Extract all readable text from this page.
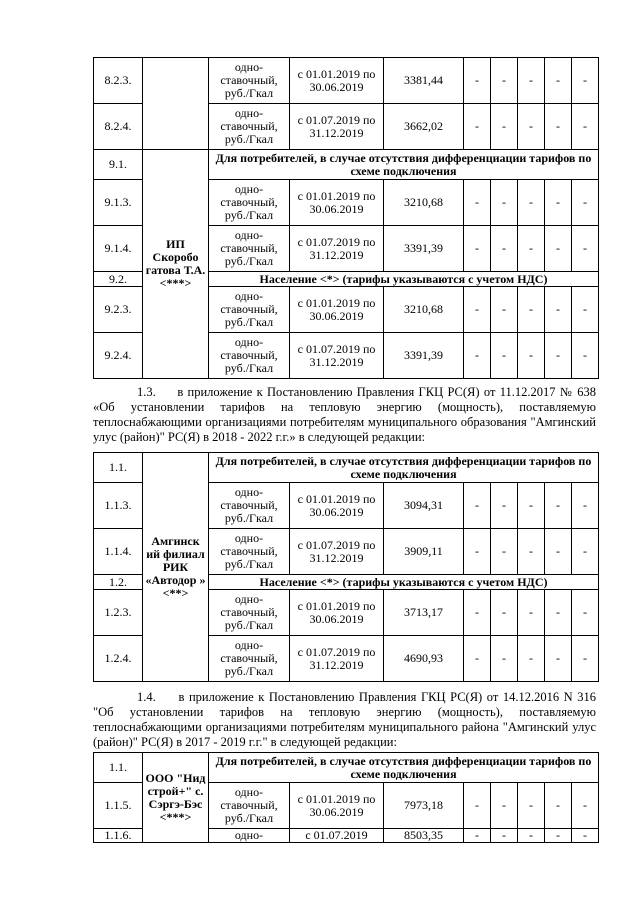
8.2.3.		одно-ставочный, руб./Гкал	с 01.01.2019 по 30.06.2019	3381,44	-	-	-	-	-
8.2.4.		одно-ставочный, руб./Гкал	с 01.07.2019 по 31.12.2019	3662,02	-	-	-	-	-
9.1.	ИП Скоробо гатова Т.А. <***>	Для потребителей, в случае отсутствия дифференциации тарифов по схеме подключения							
9.1.3.		одно-ставочный, руб./Гкал	с 01.01.2019 по 30.06.2019	3210,68	-	-	-	-	-
9.1.4.		одно-ставочный, руб./Гкал	с 01.07.2019 по 31.12.2019	3391,39	-	-	-	-	-
9.2.		Население <*> (тарифы указываются с учетом НДС)							
9.2.3.		одно-ставочный, руб./Гкал	с 01.01.2019 по 30.06.2019	3210,68	-	-	-	-	-
9.2.4.		одно-ставочный, руб./Гкал	с 01.07.2019 по 31.12.2019	3391,39	-	-	-	-	-
1.3. в приложение к Постановлению Правления ГКЦ РС(Я) от 11.12.2017 № 638 «Об установлении тарифов на тепловую энергию (мощность), поставляемую теплоснабжающими организациями потребителям муниципального образования "Амгинский улус (район)" РС(Я) в 2018 - 2022 г.г.» в следующей редакции:
1.1.	Амгинск ий филиал РИК «Автодор » <**>	Для потребителей, в случае отсутствия дифференциации тарифов по схеме подключения							
1.1.3.		одно-ставочный, руб./Гкал	с 01.01.2019 по 30.06.2019	3094,31	-	-	-	-	-
1.1.4.		одно-ставочный, руб./Гкал	с 01.07.2019 по 31.12.2019	3909,11	-	-	-	-	-
1.2.		Население <*> (тарифы указываются с учетом НДС)							
1.2.3.		одно-ставочный, руб./Гкал	с 01.01.2019 по 30.06.2019	3713,17	-	-	-	-	-
1.2.4.		одно-ставочный, руб./Гкал	с 01.07.2019 по 31.12.2019	4690,93	-	-	-	-	-
1.4. в приложение к Постановлению Правления ГКЦ РС(Я) от 14.12.2016 N 316 "Об установлении тарифов на тепловую энергию (мощность), поставляемую теплоснабжающими организациями потребителям муниципального района "Амгинский улус (район)" РС(Я) в 2017 - 2019 г.г." в следующей редакции:
1.1.	ООО "Нид строй+" с. Сэргэ-Бэс <***>	Для потребителей, в случае отсутствия дифференциации тарифов по схеме подключения							
1.1.5.		одно-ставочный, руб./Гкал	с 01.01.2019 по 30.06.2019	7973,18	-	-	-	-	-
1.1.6.		одно-	с 01.07.2019	8503,35	-	-	-	-	-
